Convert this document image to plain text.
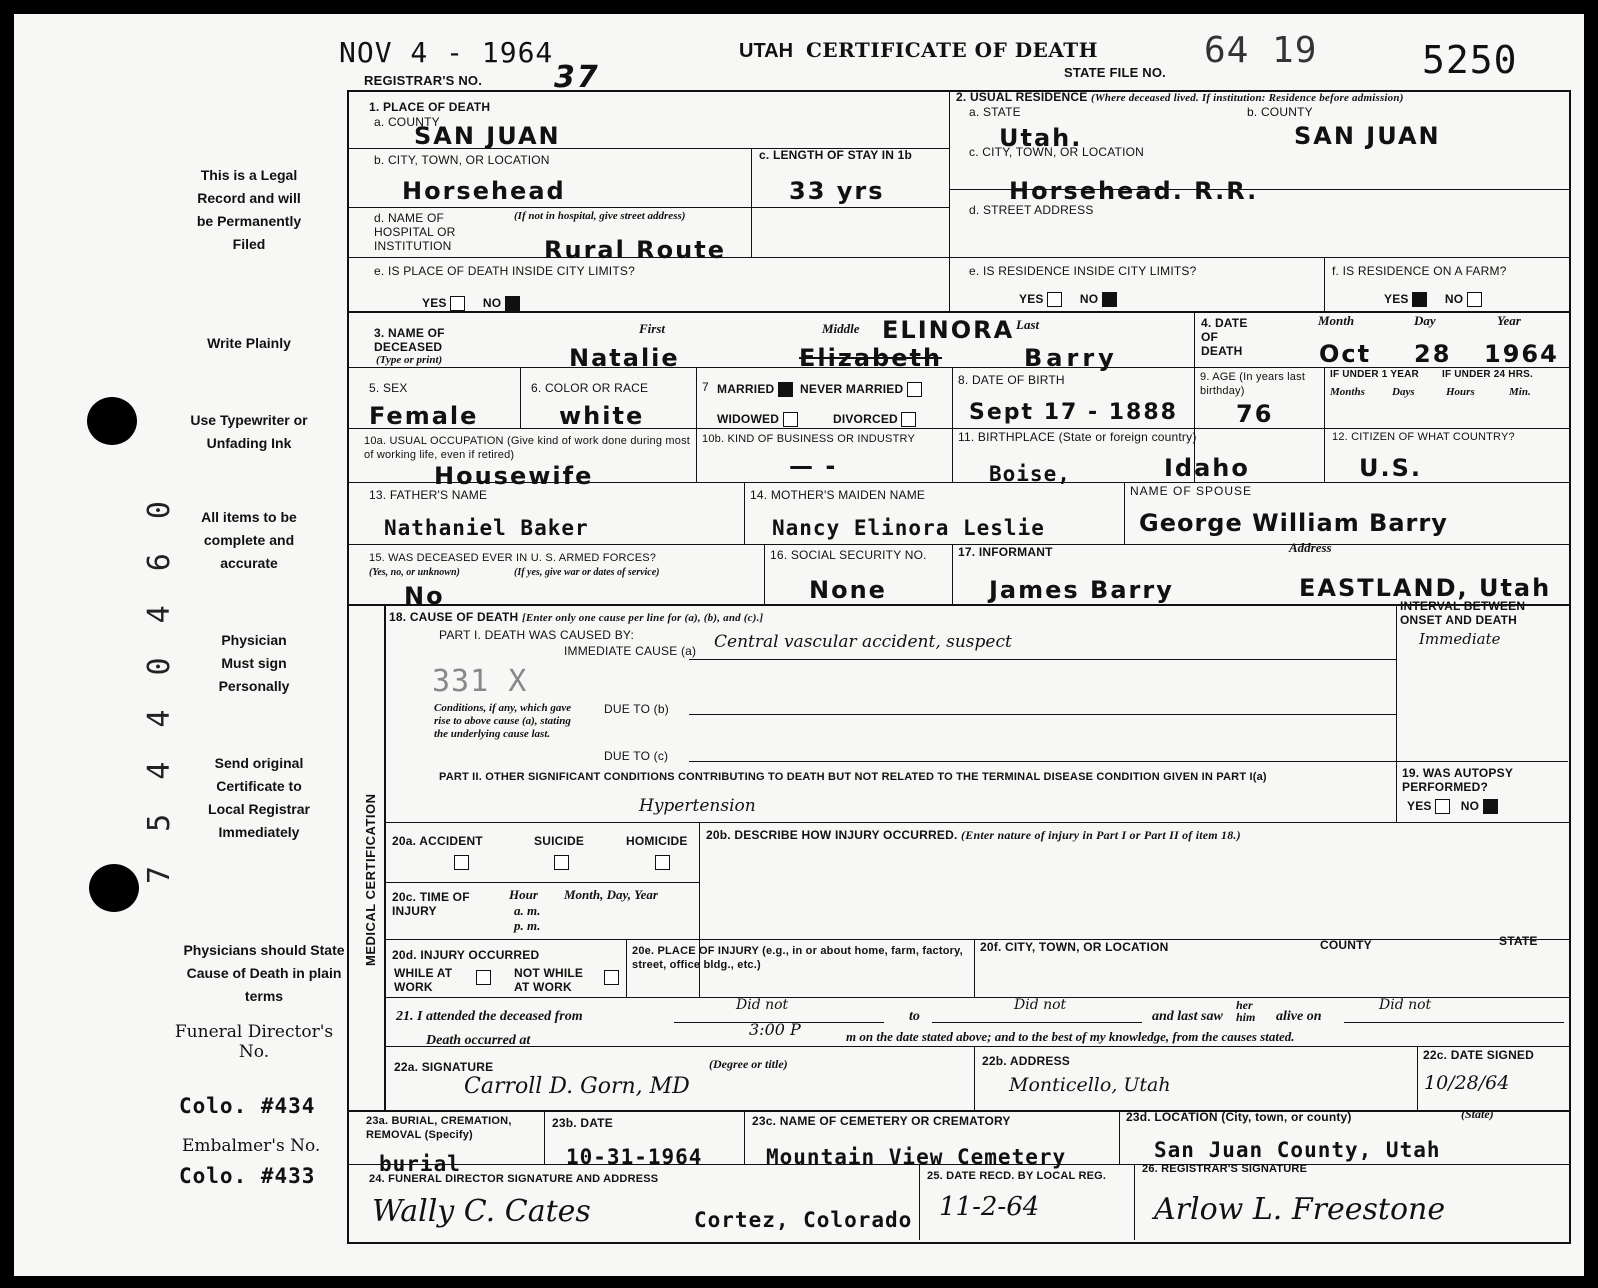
NOV 4 - 1964
REGISTRAR'S NO. 37
UTAH CERTIFICATE OF DEATH
STATE FILE NO.
64 19	5250
This is a Legal Record and will be Permanently Filed
Write Plainly
Use Typewriter or Unfading Ink
All items to be complete and accurate
Physician Must sign Personally
Send original Certificate to Local Registrar Immediately
Physicians should State Cause of Death in plain terms
Funeral Director's No.
Colo. #434
Embalmer's No.
Colo. #433
7 5 4 4 0 4 6 0
1. PLACE OF DEATH
a. COUNTY
SAN JUAN
b. CITY, TOWN, OR LOCATION
Horsehead
c. LENGTH OF STAY IN 1b
33 yrs
d. NAME OF HOSPITAL OR INSTITUTION
(If not in hospital, give street address)
Rural Route
e. IS PLACE OF DEATH INSIDE CITY LIMITS?
YES	NO
2. USUAL RESIDENCE (Where deceased lived. If institution: Residence before admission)
a. STATE
Utah.
b. COUNTY
SAN JUAN
c. CITY, TOWN, OR LOCATION
Horsehead. R.R.
d. STREET ADDRESS
e. IS RESIDENCE INSIDE CITY LIMITS?
YES	NO
f. IS RESIDENCE ON A FARM?
YES	NO
3. NAME OF DECEASED
(Type or print)
First	Middle	Last
Natalie	Elizabeth
ELINORA
Barry
4. DATE OF DEATH
Month	Day	Year
Oct 28 1964
5. SEX
Female
6. COLOR OR RACE
white
7 MARRIED NEVER MARRIED
WIDOWED	DIVORCED
8. DATE OF BIRTH
Sept 17 - 1888
9. AGE (In years last birthday)
76
IF UNDER 1 YEAR IF UNDER 24 HRS.
Months Days	Hours	Min.
10a. USUAL OCCUPATION (Give kind of work done during most of working life, even if retired)
Housewife
10b. KIND OF BUSINESS OR INDUSTRY
— -
11. BIRTHPLACE (State or foreign country)
Boise,	Idaho
12. CITIZEN OF WHAT COUNTRY?
U.S.
13. FATHER'S NAME
Nathaniel Baker
14. MOTHER'S MAIDEN NAME
Nancy Elinora Leslie
NAME OF SPOUSE
George William Barry
15. WAS DECEASED EVER IN U. S. ARMED FORCES?
(Yes, no, or unknown)	(If yes, give war or dates of service)
No
16. SOCIAL SECURITY NO.
None
17. INFORMANT	Address
James Barry	EASTLAND, Utah
MEDICAL CERTIFICATION
18. CAUSE OF DEATH [Enter only one cause per line for (a), (b), and (c).]
PART I. DEATH WAS CAUSED BY:
IMMEDIATE CAUSE (a) Central vascular accident, suspect
331 X
Conditions, if any, which gave rise to above cause (a), stating the underlying cause last.
DUE TO (b)
DUE TO (c)
INTERVAL BETWEEN ONSET AND DEATH
Immediate
PART II. OTHER SIGNIFICANT CONDITIONS CONTRIBUTING TO DEATH BUT NOT RELATED TO THE TERMINAL DISEASE CONDITION GIVEN IN PART I(a)
Hypertension
19. WAS AUTOPSY PERFORMED?
YES NO
20a. ACCIDENT	SUICIDE	HOMICIDE 20b. DESCRIBE HOW INJURY OCCURRED. (Enter nature of injury in Part I or Part II of item 18.)
20c. TIME OF INJURY
Hour
a. m.
p. m.
Month, Day, Year
20d. INJURY OCCURRED
WHILE AT WORK
NOT WHILE AT WORK
20e. PLACE OF INJURY (e.g., in or about home, farm, factory, street, office bldg., etc.)
20f. CITY, TOWN, OR LOCATION	COUNTY	STATE
21. I attended the deceased from
Did not
to
Did not
and last saw
her him	alive on
Did not
Death occurred at
3:00 P	m on the date stated above; and to the best of my knowledge, from the causes stated.
22a. SIGNATURE	(Degree or title)
Carroll D. Gorn, MD
22b. ADDRESS
Monticello, Utah
22c. DATE SIGNED
10/28/64
23a. BURIAL, CREMATION, REMOVAL (Specify)
burial
23b. DATE
10-31-1964
23c. NAME OF CEMETERY OR CREMATORY
Mountain View Cemetery
23d. LOCATION (City, town, or county)	(State)
San Juan County, Utah
24. FUNERAL DIRECTOR SIGNATURE AND ADDRESS
Wally C. Cates	Cortez, Colorado
25. DATE RECD. BY LOCAL REG.
11-2-64
26. REGISTRAR'S SIGNATURE
Arlow L. Freestone
